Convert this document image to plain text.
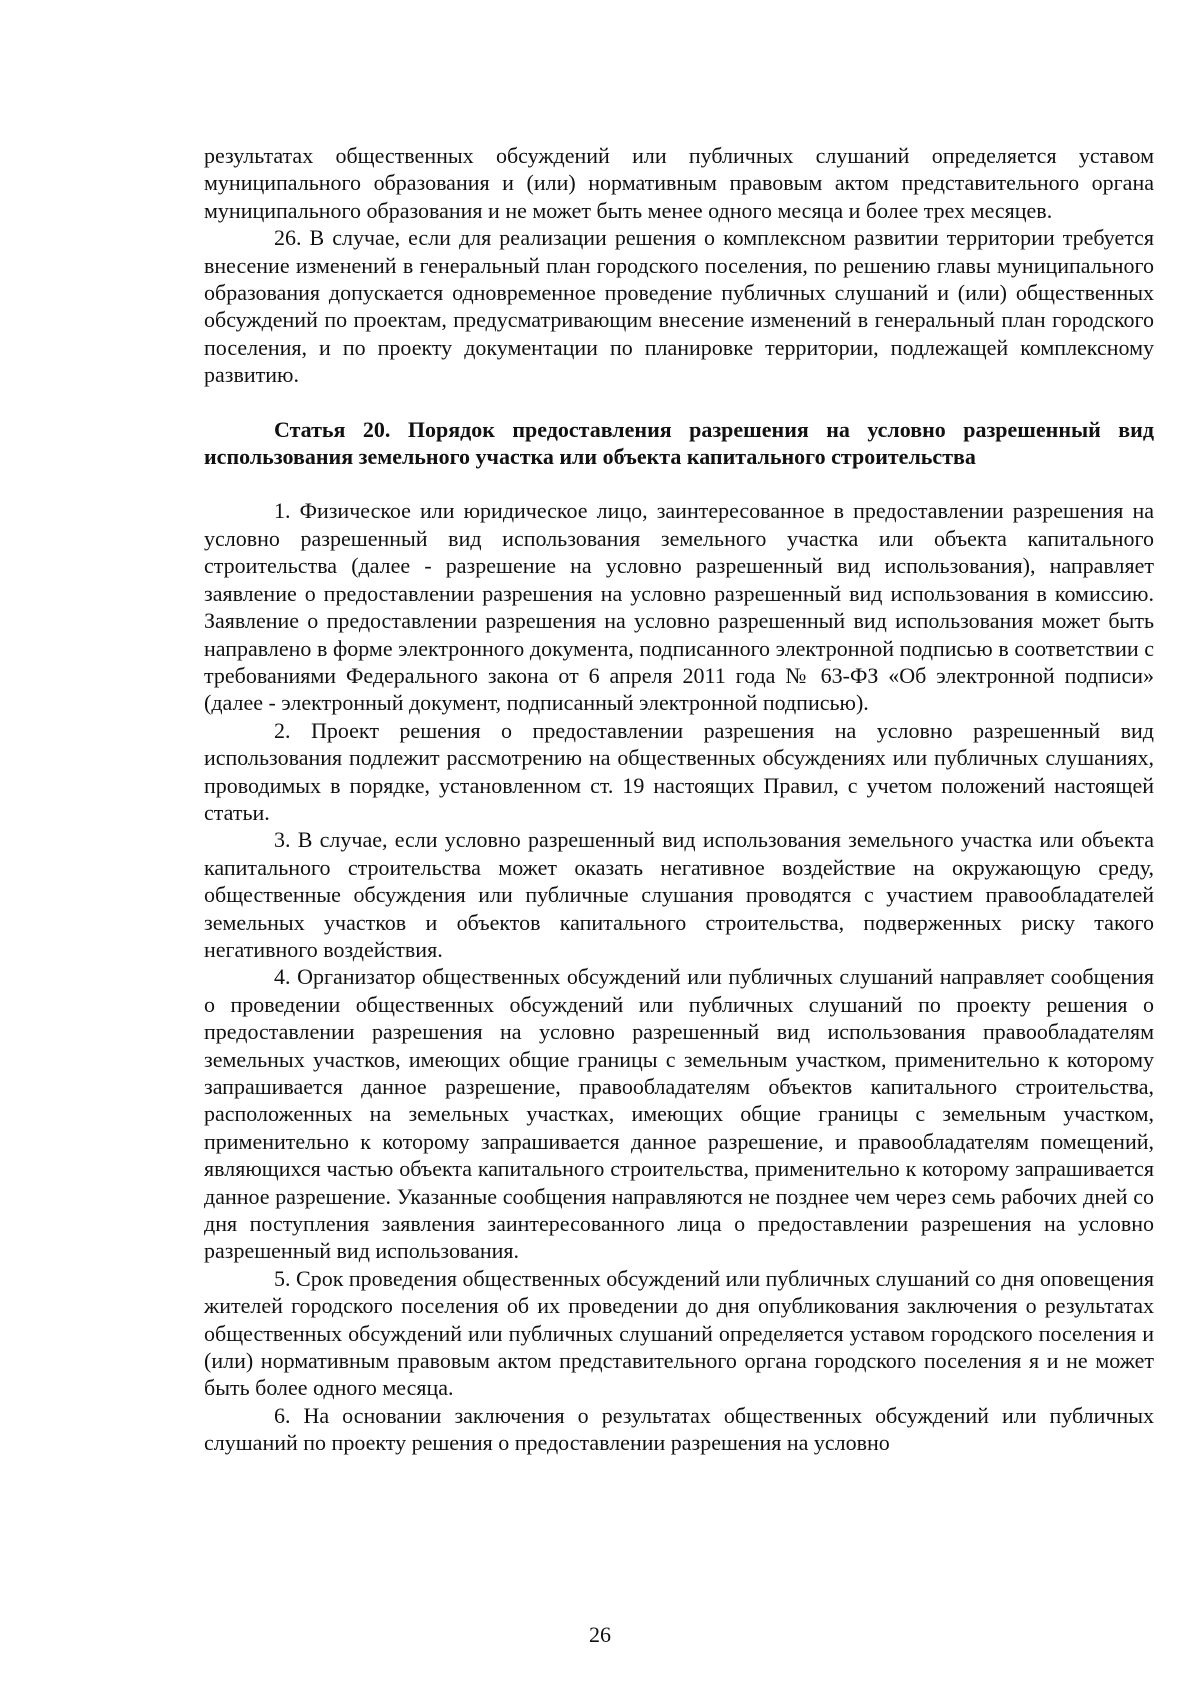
результатах общественных обсуждений или публичных слушаний определяется уставом муниципального образования и (или) нормативным правовым актом представительного органа муниципального образования и не может быть менее одного месяца и более трех месяцев.

26. В случае, если для реализации решения о комплексном развитии территории требуется внесение изменений в генеральный план городского поселения, по решению главы муниципального образования допускается одновременное проведение публичных слушаний и (или) общественных обсуждений по проектам, предусматривающим внесение изменений в генеральный план городского поселения, и по проекту документации по планировке территории, подлежащей комплексному развитию.

Статья 20. Порядок предоставления разрешения на условно разрешенный вид использования земельного участка или объекта капитального строительства

1. Физическое или юридическое лицо, заинтересованное в предоставлении разрешения на условно разрешенный вид использования земельного участка или объекта капитального строительства (далее - разрешение на условно разрешенный вид использования), направляет заявление о предоставлении разрешения на условно разрешенный вид использования в комиссию. Заявление о предоставлении разрешения на условно разрешенный вид использования может быть направлено в форме электронного документа, подписанного электронной подписью в соответствии с требованиями Федерального закона от 6 апреля 2011 года № 63-ФЗ «Об электронной подписи» (далее - электронный документ, подписанный электронной подписью).

2. Проект решения о предоставлении разрешения на условно разрешенный вид использования подлежит рассмотрению на общественных обсуждениях или публичных слушаниях, проводимых в порядке, установленном ст. 19 настоящих Правил, с учетом положений настоящей статьи.

3. В случае, если условно разрешенный вид использования земельного участка или объекта капитального строительства может оказать негативное воздействие на окружающую среду, общественные обсуждения или публичные слушания проводятся с участием правообладателей земельных участков и объектов капитального строительства, подверженных риску такого негативного воздействия.

4. Организатор общественных обсуждений или публичных слушаний направляет сообщения о проведении общественных обсуждений или публичных слушаний по проекту решения о предоставлении разрешения на условно разрешенный вид использования правообладателям земельных участков, имеющих общие границы с земельным участком, применительно к которому запрашивается данное разрешение, правообладателям объектов капитального строительства, расположенных на земельных участках, имеющих общие границы с земельным участком, применительно к которому запрашивается данное разрешение, и правообладателям помещений, являющихся частью объекта капитального строительства, применительно к которому запрашивается данное разрешение. Указанные сообщения направляются не позднее чем через семь рабочих дней со дня поступления заявления заинтересованного лица о предоставлении разрешения на условно разрешенный вид использования.

5. Срок проведения общественных обсуждений или публичных слушаний со дня оповещения жителей городского поселения об их проведении до дня опубликования заключения о результатах общественных обсуждений или публичных слушаний определяется уставом городского поселения и (или) нормативным правовым актом представительного органа городского поселения я и не может быть более одного месяца.

6. На основании заключения о результатах общественных обсуждений или публичных слушаний по проекту решения о предоставлении разрешения на условно

26
